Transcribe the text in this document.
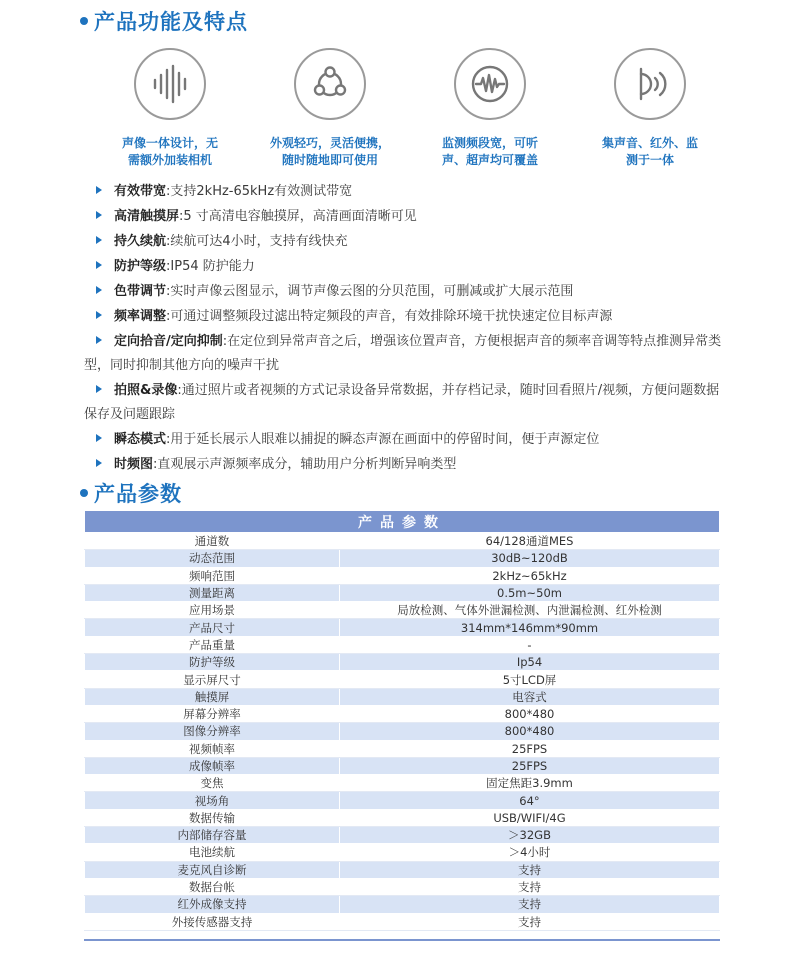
产品功能及特点
声像一体设计，无
需额外加装相机
外观轻巧，灵活便携，
随时随地即可使用
监测频段宽，可听
声、超声均可覆盖
集声音、红外、监
测于一体
有效带宽:支持2kHz-65kHz有效测试带宽
高清触摸屏:5 寸高清电容触摸屏，高清画面清晰可见
持久续航:续航可达4小时，支持有线快充
防护等级:IP54 防护能力
色带调节:实时声像云图显示，调节声像云图的分贝范围，可删减或扩大展示范围
频率调整:可通过调整频段过滤出特定频段的声音，有效排除环境干扰快速定位目标声源
定向拾音/定向抑制:在定位到异常声音之后，增强该位置声音，方便根据声音的频率音调等特点推测异常类型，同时抑制其他方向的噪声干扰
拍照&录像:通过照片或者视频的方式记录设备异常数据，并存档记录，随时回看照片/视频，方便问题数据保存及问题跟踪
瞬态模式:用于延长展示人眼难以捕捉的瞬态声源在画面中的停留时间，便于声源定位
时频图:直观展示声源频率成分，辅助用户分析判断异响类型
产品参数
产品参数	
通道数	64/128通道MES
动态范围	30dB~120dB
频响范围	2kHz~65kHz
测量距离	0.5m~50m
应用场景	局放检测、气体外泄漏检测、内泄漏检测、红外检测
产品尺寸	314mm*146mm*90mm
产品重量	-
防护等级	Ip54
显示屏尺寸	5寸LCD屏
触摸屏	电容式
屏幕分辨率	800*480
图像分辨率	800*480
视频帧率	25FPS
成像帧率	25FPS
变焦	固定焦距3.9mm
视场角	64°
数据传输	USB/WIFI/4G
内部储存容量	＞32GB
电池续航	＞4小时
麦克风自诊断	支持
数据台帐	支持
红外成像支持	支持
外接传感器支持	支持
